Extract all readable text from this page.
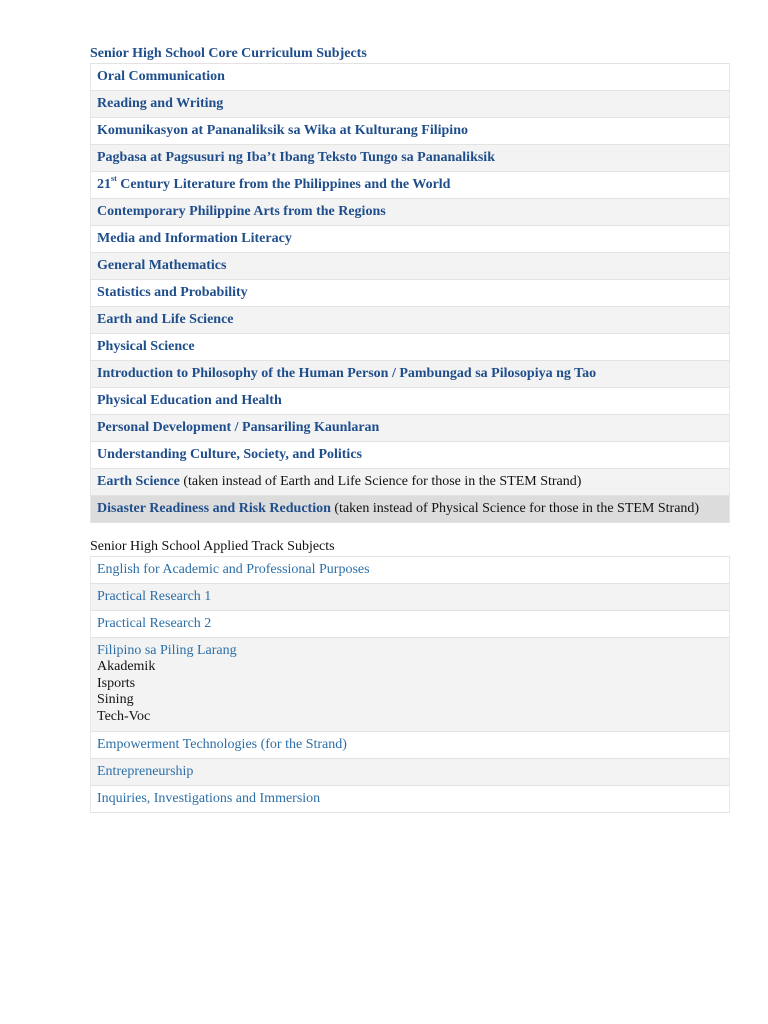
Senior High School Core Curriculum Subjects
Oral Communication
Reading and Writing
Komunikasyon at Pananaliksik sa Wika at Kulturang Filipino
Pagbasa at Pagsusuri ng Iba’t Ibang Teksto Tungo sa Pananaliksik
21st Century Literature from the Philippines and the World
Contemporary Philippine Arts from the Regions
Media and Information Literacy
General Mathematics
Statistics and Probability
Earth and Life Science
Physical Science
Introduction to Philosophy of the Human Person / Pambungad sa Pilosopiya ng Tao
Physical Education and Health
Personal Development / Pansariling Kaunlaran
Understanding Culture, Society, and Politics
Earth Science (taken instead of Earth and Life Science for those in the STEM Strand)
Disaster Readiness and Risk Reduction (taken instead of Physical Science for those in the STEM Strand)
Senior High School Applied Track Subjects
English for Academic and Professional Purposes
Practical Research 1
Practical Research 2
Filipino sa Piling Larang
Akademik
Isports
Sining
Tech-Voc

Empowerment Technologies (for the Strand)
Entrepreneurship
Inquiries, Investigations and Immersion
